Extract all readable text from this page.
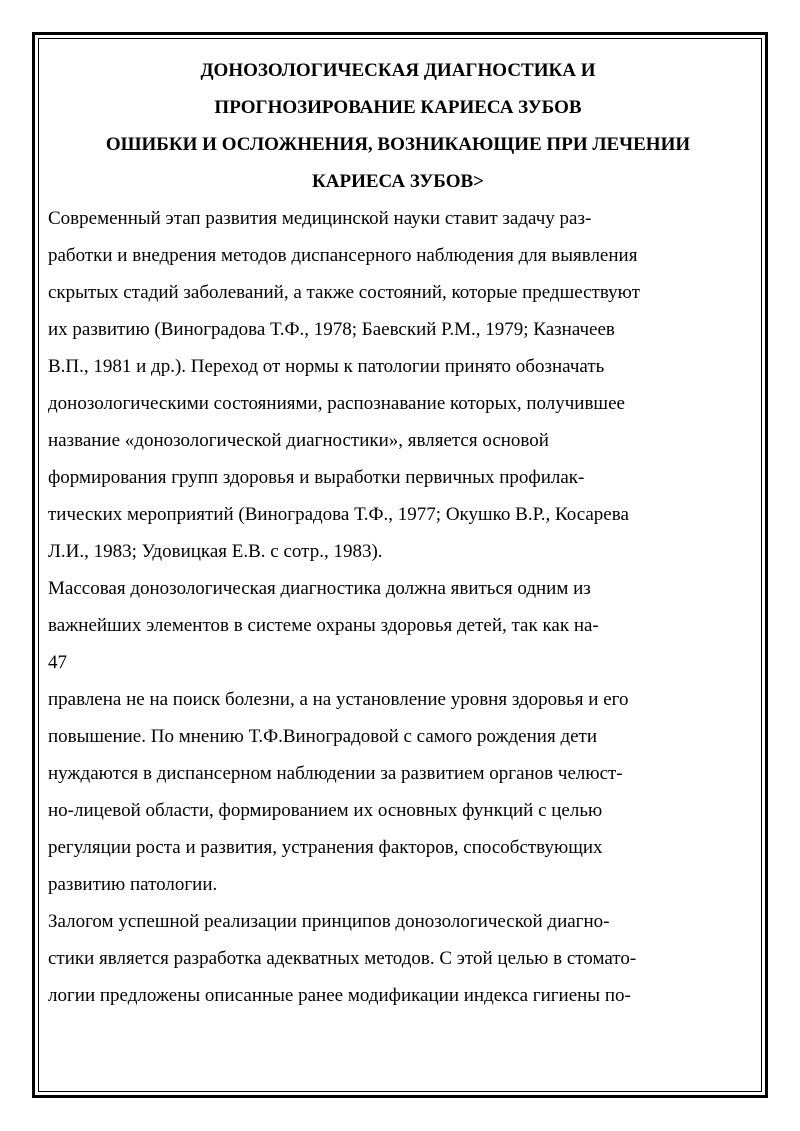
ДОНОЗОЛОГИЧЕСКАЯ ДИАГНОСТИКА И

ПРОГНОЗИРОВАНИЕ КАРИЕСА ЗУБОВ

ОШИБКИ И ОСЛОЖНЕНИЯ, ВОЗНИКАЮЩИЕ ПРИ ЛЕЧЕНИИ

КАРИЕСА ЗУБОВ>

Современный этап развития медицинской науки ставит задачу раз-
работки и внедрения методов диспансерного наблюдения для выявления
скрытых стадий заболеваний, а также состояний, которые предшествуют
их развитию (Виноградова Т.Ф., 1978; Баевский Р.М., 1979; Казначеев
В.П., 1981 и др.). Переход от нормы к патологии принято обозначать
донозологическими состояниями, распознавание которых, получившее
название «донозологической диагностики», является основой
формирования групп здоровья и выработки первичных профилак-
тических мероприятий (Виноградова Т.Ф., 1977; Окушко В.Р., Косарева
Л.И., 1983; Удовицкая Е.В. с сотр., 1983).
Массовая донозологическая диагностика должна явиться одним из
важнейших элементов в системе охраны здоровья детей, так как на-
47
правлена не на поиск болезни, а на установление уровня здоровья и его
повышение. По мнению Т.Ф.Виноградовой с самого рождения дети
нуждаются в диспансерном наблюдении за развитием органов челюст-
но-лицевой области, формированием их основных функций с целью
регуляции роста и развития, устранения факторов, способствующих
развитию патологии.
Залогом успешной реализации принципов донозологической диагно-
стики является разработка адекватных методов. С этой целью в стомато-
логии предложены описанные ранее модификации индекса гигиены по-
